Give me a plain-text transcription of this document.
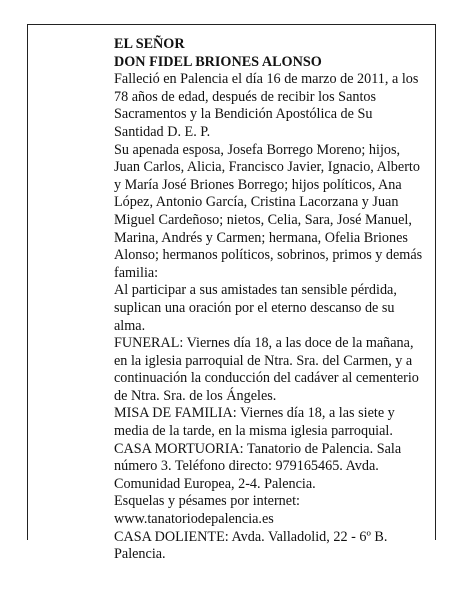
EL SEÑOR

DON FIDEL BRIONES ALONSO

Falleció en Palencia el día 16 de marzo de 2011, a los 78 años de edad, después de recibir los Santos Sacramentos y la Bendición Apostólica de Su Santidad D. E. P.

Su apenada esposa, Josefa Borrego Moreno; hijos, Juan Carlos, Alicia, Francisco Javier, Ignacio, Alberto y María José Briones Borrego; hijos políticos, Ana López, Antonio García, Cristina Lacorzana y Juan Miguel Cardeñoso; nietos, Celia, Sara, José Manuel, Marina, Andrés y Carmen; hermana, Ofelia Briones Alonso; hermanos políticos, sobrinos, primos y demás familia:

Al participar a sus amistades tan sensible pérdida, suplican una oración por el eterno descanso de su alma.

FUNERAL: Viernes día 18, a las doce de la mañana, en la iglesia parroquial de Ntra. Sra. del Carmen, y a continuación la conducción del cadáver al cementerio de Ntra. Sra. de los Ángeles.

MISA DE FAMILIA: Viernes día 18, a las siete y media de la tarde, en la misma iglesia parroquial.

CASA MORTUORIA: Tanatorio de Palencia. Sala número 3. Teléfono directo: 979165465. Avda. Comunidad Europea, 2-4. Palencia.

Esquelas y pésames por internet: www.tanatoriodepalencia.es

CASA DOLIENTE: Avda. Valladolid, 22 - 6º B. Palencia.
